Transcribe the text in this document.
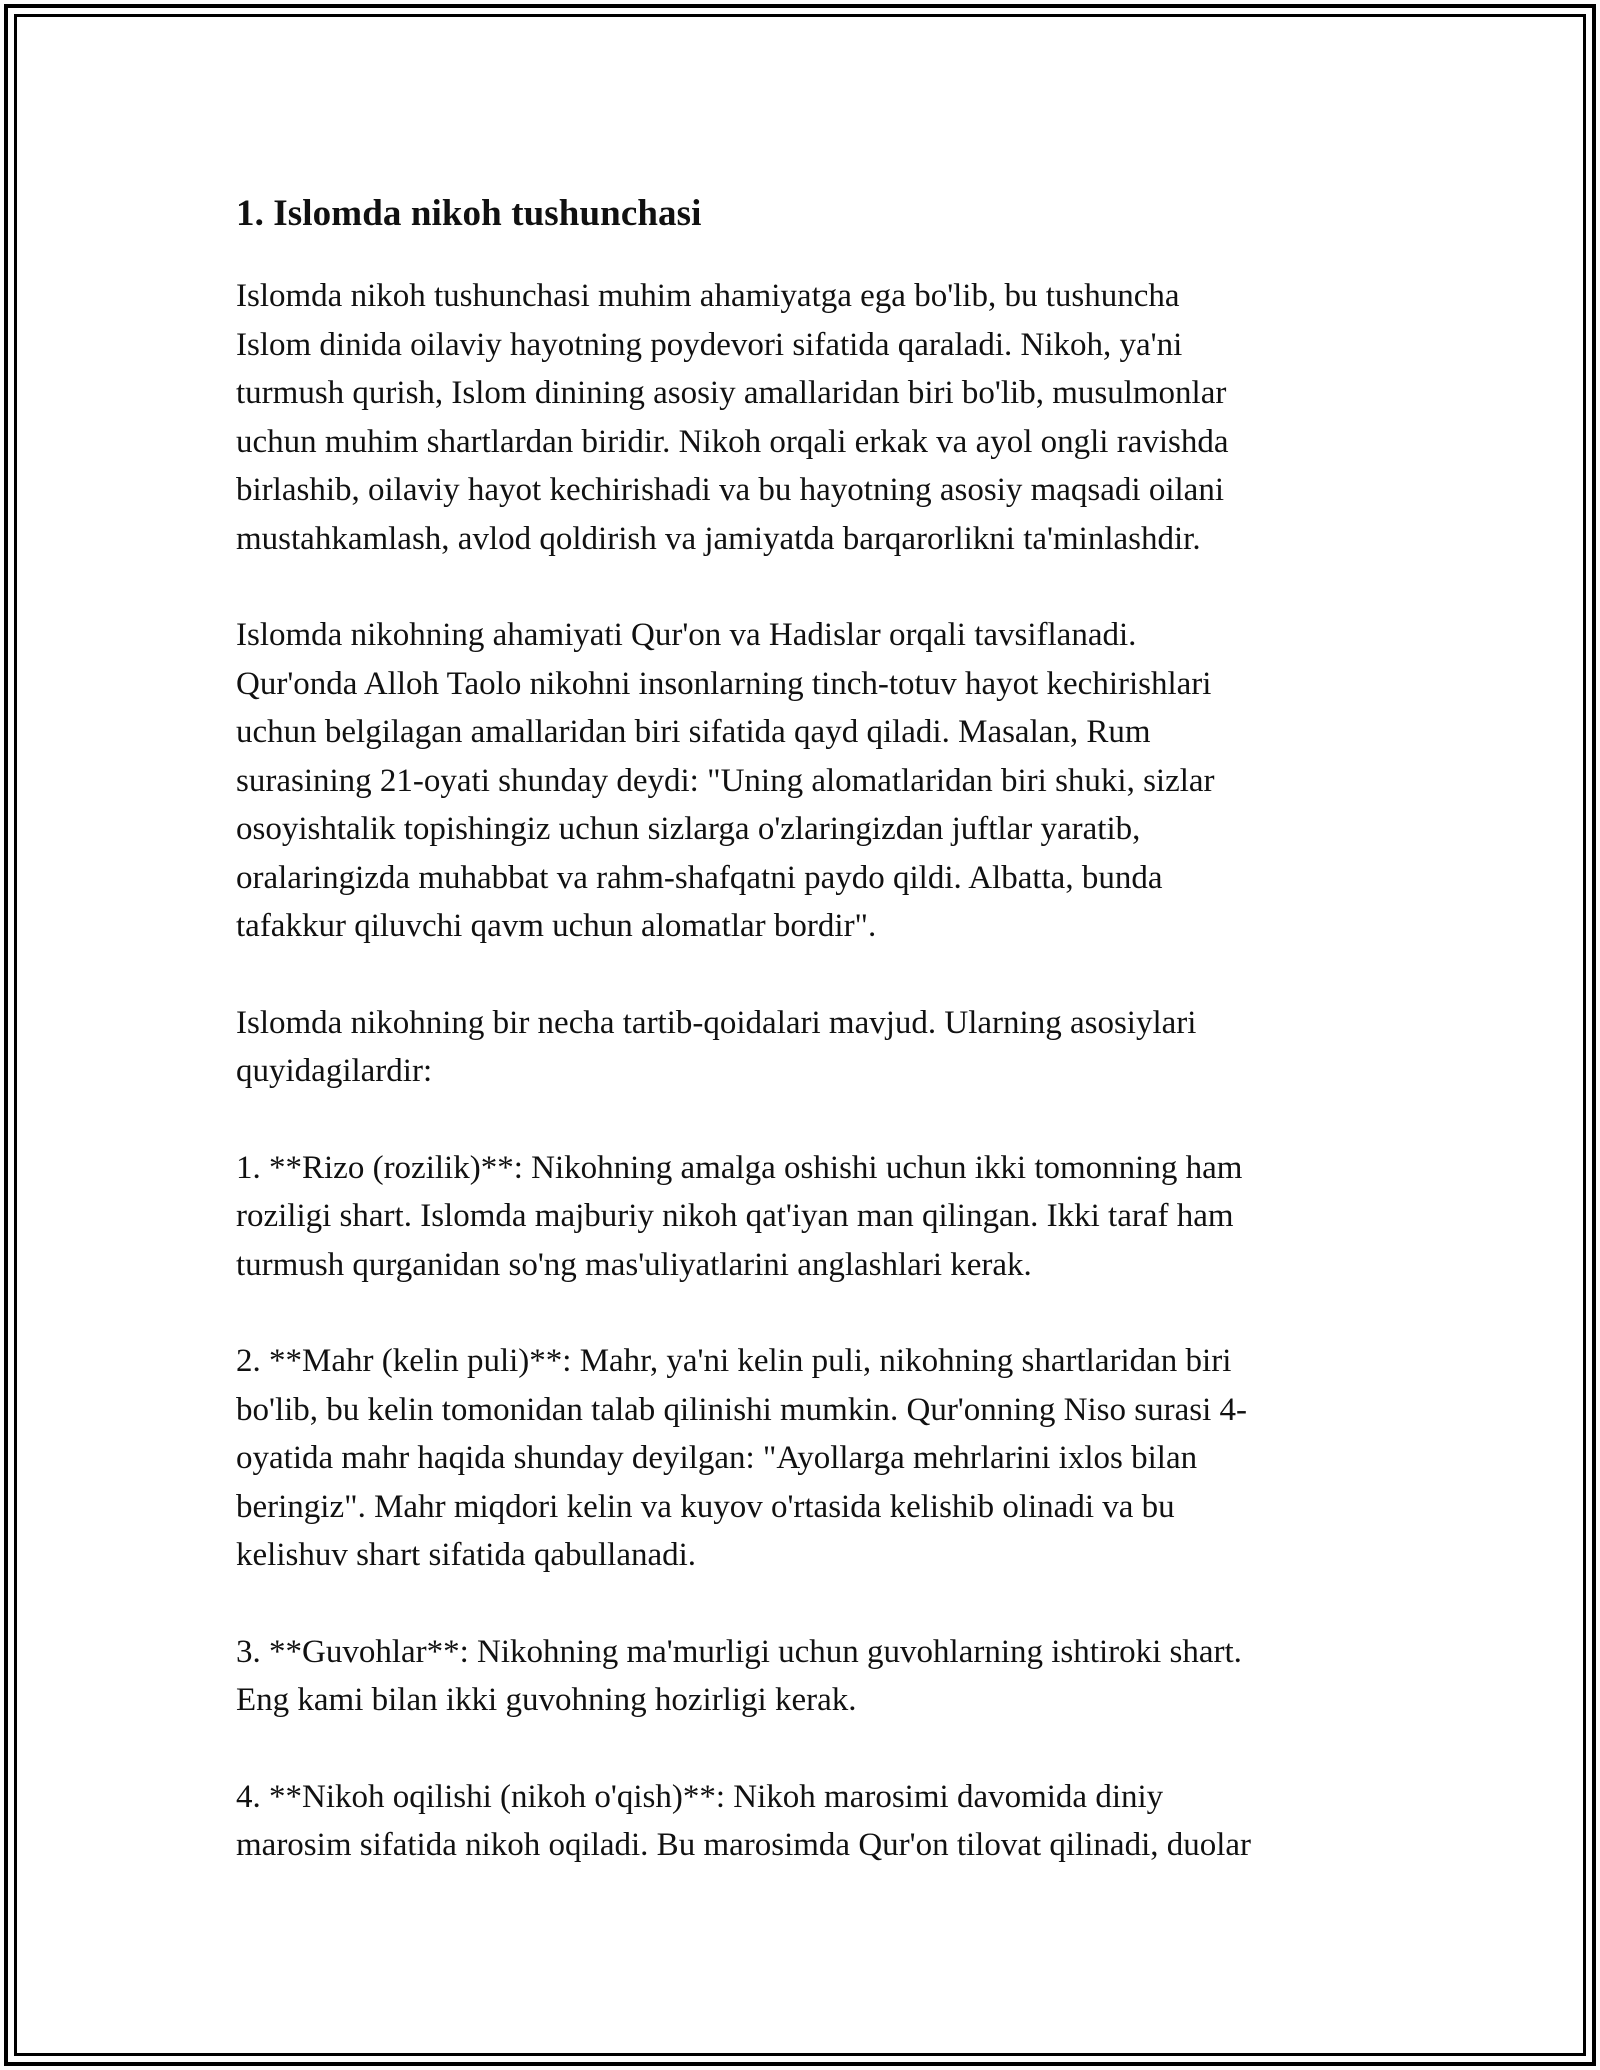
1. Islomda nikoh tushunchasi

Islomda nikoh tushunchasi muhim ahamiyatga ega bo'lib, bu tushuncha
Islom dinida oilaviy hayotning poydevori sifatida qaraladi. Nikoh, ya'ni
turmush qurish, Islom dinining asosiy amallaridan biri bo'lib, musulmonlar
uchun muhim shartlardan biridir. Nikoh orqali erkak va ayol ongli ravishda
birlashib, oilaviy hayot kechirishadi va bu hayotning asosiy maqsadi oilani
mustahkamlash, avlod qoldirish va jamiyatda barqarorlikni ta'minlashdir.

Islomda nikohning ahamiyati Qur'on va Hadislar orqali tavsiflanadi.
Qur'onda Alloh Taolo nikohni insonlarning tinch-totuv hayot kechirishlari
uchun belgilagan amallaridan biri sifatida qayd qiladi. Masalan, Rum
surasining 21-oyati shunday deydi: "Uning alomatlaridan biri shuki, sizlar
osoyishtalik topishingiz uchun sizlarga o'zlaringizdan juftlar yaratib,
oralaringizda muhabbat va rahm-shafqatni paydo qildi. Albatta, bunda
tafakkur qiluvchi qavm uchun alomatlar bordir".

Islomda nikohning bir necha tartib-qoidalari mavjud. Ularning asosiylari
quyidagilardir:

1. **Rizo (rozilik)**: Nikohning amalga oshishi uchun ikki tomonning ham
roziligi shart. Islomda majburiy nikoh qat'iyan man qilingan. Ikki taraf ham
turmush qurganidan so'ng mas'uliyatlarini anglashlari kerak.

2. **Mahr (kelin puli)**: Mahr, ya'ni kelin puli, nikohning shartlaridan biri
bo'lib, bu kelin tomonidan talab qilinishi mumkin. Qur'onning Niso surasi 4-
oyatida mahr haqida shunday deyilgan: "Ayollarga mehrlarini ixlos bilan
beringiz". Mahr miqdori kelin va kuyov o'rtasida kelishib olinadi va bu
kelishuv shart sifatida qabullanadi.

3. **Guvohlar**: Nikohning ma'murligi uchun guvohlarning ishtiroki shart.
Eng kami bilan ikki guvohning hozirligi kerak.

4. **Nikoh oqilishi (nikoh o'qish)**: Nikoh marosimi davomida diniy
marosim sifatida nikoh oqiladi. Bu marosimda Qur'on tilovat qilinadi, duolar
